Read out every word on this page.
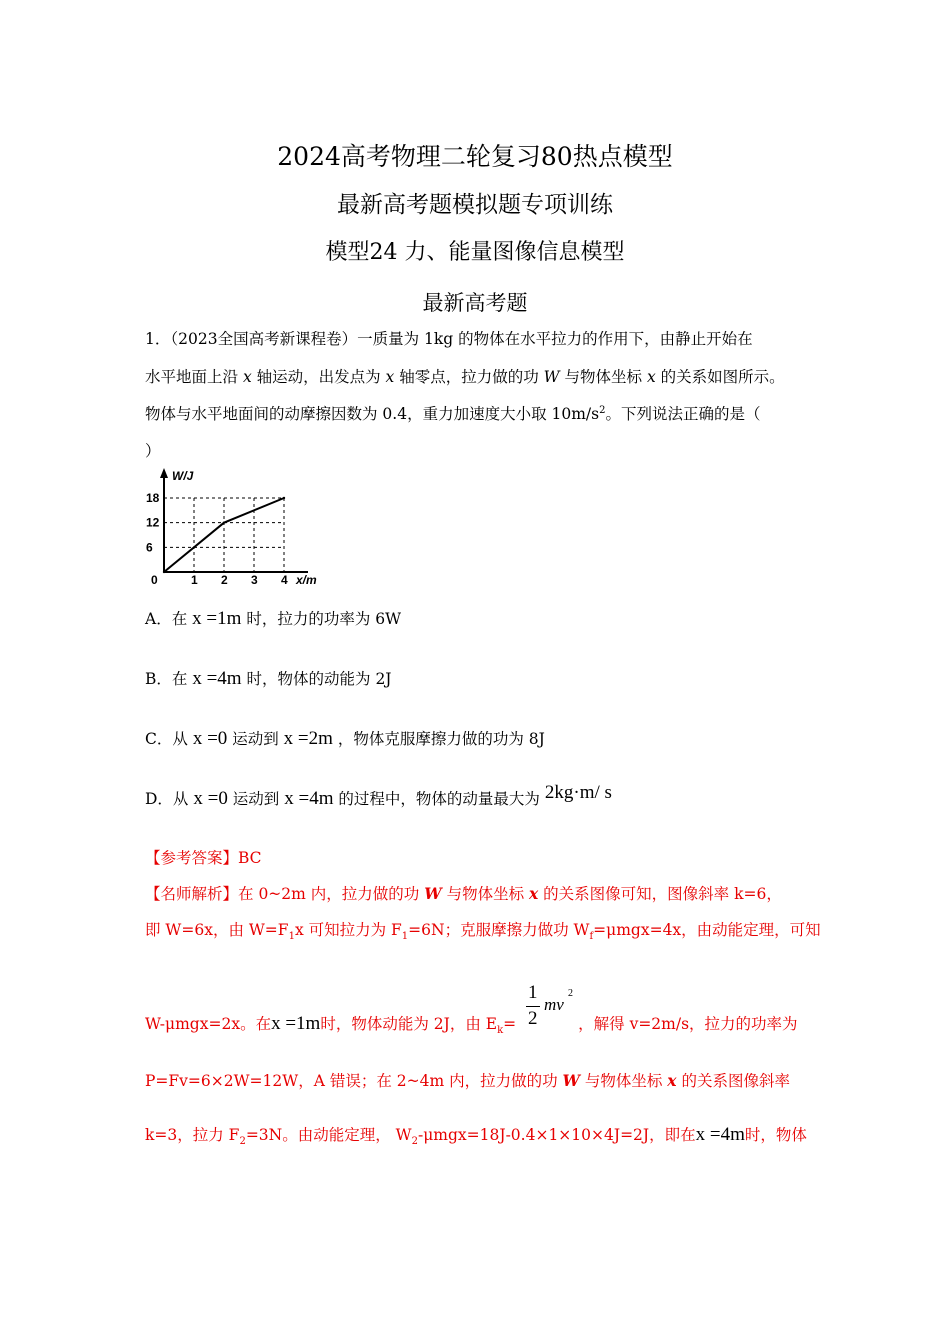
2024高考物理二轮复习80热点模型
最新高考题模拟题专项训练
模型24 力、能量图像信息模型
最新高考题
1．（2023全国高考新课程卷）一质量为 1kg 的物体在水平拉力的作用下，由静止开始在
水平地面上沿 x 轴运动，出发点为 x 轴零点，拉力做的功 W 与物体坐标 x 的关系如图所示。
物体与水平地面间的动摩擦因数为 0.4，重力加速度大小取 $10m/s^2$。下列说法正确的是（
）
W/J
x/m
0	1 2 3 4
6
12
18
A．在 x =1m 时，拉力的功率为 6W
B．在 x =4m 时，物体的动能为 2J
C．从 x =0 运动到 x =2m ，物体克服摩擦力做的功为 8J
D．从 x =0 运动到 x =4m 的过程中，物体的动量最大为 2kg·m/ s
【参考答案】BC
【名师解析】在 0~2m 内，拉力做的功 W 与物体坐标 x 的关系图像可知，图像斜率 k=6，
即 W=6x，由 $W=F_1x$ 可知拉力为 $F_1=6N$；克服摩擦力做功 $W_f=\mu mgx=4x$，由动能定理，可知
1
2
mv
2
W-μmgx=2x。在x =1m时，物体动能为 2J，由 $E_k=$	，解得 v=2m/s，拉力的功率为
P=Fv=6×2W=12W，A 错误；在 2~4m 内，拉力做的功 W 与物体坐标 x 的关系图像斜率
k=3，拉力 $F_2=3N$。由动能定理， $W_2-\mu mgx=18J-0.4\times 1\times 10\times 4J=2J$，即在x =4m时，物体
